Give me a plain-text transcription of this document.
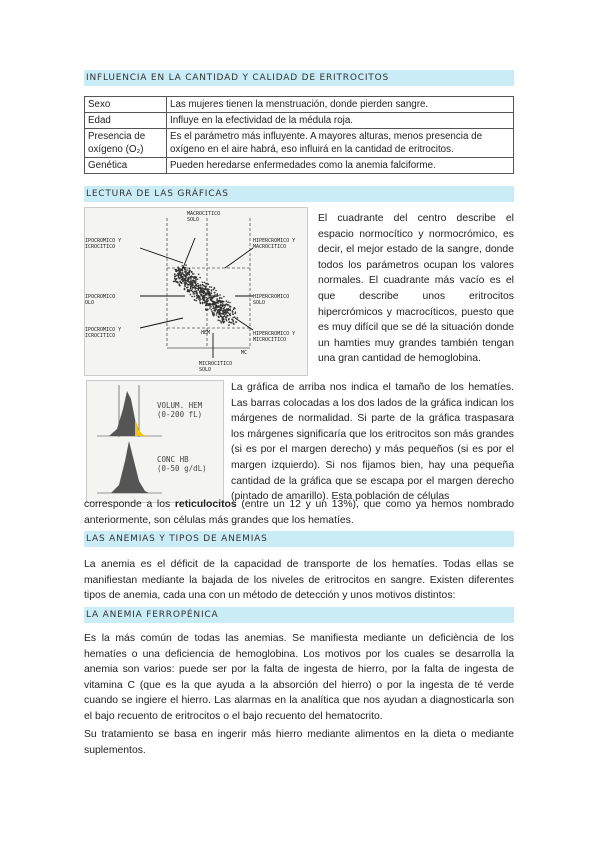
INFLUENCIA EN LA CANTIDAD Y CALIDAD DE ERITROCITOS
Sexo	Las mujeres tienen la menstruación, donde pierden sangre.
Edad	Influye en la efectividad de la médula roja.
Presencia de oxígeno (O₂)	Es el parámetro más influyente. A mayores alturas, menos presencia de oxígeno en el aire habrá, eso influirá en la cantidad de eritrocitos.
Genética	Pueden heredarse enfermedades como la anemia falciforme.
LECTURA DE LAS GRÁFICAS
MACROCITICO
SOLO
IPOCROMICO Y
ICROCITICO
HIPERCROMICO Y
MACROCITICO
IPOCROMICO
OLO
HIPERCROMICO
SOLO
IPOCROMICO Y
ICROCITICO	HIPERCROMICO Y
MICROCITICO
HEM
MC
MICROCITICO
SOLO
El cuadrante del centro describe el espacio normocítico y normocrómico, es decir, el mejor estado de la sangre, donde todos los parámetros ocupan los valores normales. El cuadrante más vacío es el que describe unos eritrocitos hipercrómicos y macrocíticos, puesto que es muy difícil que se dé la situación donde un hamties muy grandes también tengan una gran cantidad de hemoglobina.
VOLUM. HEM
(0-200 fL)
CONC HB
(0-50 g/dL)
La gráfica de arriba nos indica el tamaño de los hematíes. Las barras colocadas a los dos lados de la gráfica indican los márgenes de normalidad. Si parte de la gráfica traspasara los márgenes significaría que los eritrocitos son más grandes (si es por el margen derecho) y más pequeños (si es por el margen izquierdo). Si nos fijamos bien, hay una pequeña cantidad de la gráfica que se escapa por el margen derecho (pintado de amarillo). Esta población de células
corresponde a los reticulocitos (entre un 12 y un 13%), que como ya hemos nombrado anteriormente, son células más grandes que los hematíes.
LAS ANEMIAS Y TIPOS DE ANEMIAS
La anemia es el déficit de la capacidad de transporte de los hematíes. Todas ellas se manifiestan mediante la bajada de los niveles de eritrocitos en sangre. Existen diferentes tipos de anemia, cada una con un método de detección y unos motivos distintos:
LA ANEMIA FERROPÉNICA
Es la más común de todas las anemias. Se manifiesta mediante un deficiència de los hematíes o una deficiencia de hemoglobina. Los motivos por los cuales se desarrolla la anemia son varios: puede ser por la falta de ingesta de hierro, por la falta de ingesta de vitamina C (que es la que ayuda a la absorción del hierro) o por la ingesta de té verde cuando se ingiere el hierro. Las alarmas en la analítica que nos ayudan a diagnosticarla son el bajo recuento de eritrocitos o el bajo recuento del hematocrito.
Su tratamiento se basa en ingerir más hierro mediante alimentos en la dieta o mediante suplementos.
